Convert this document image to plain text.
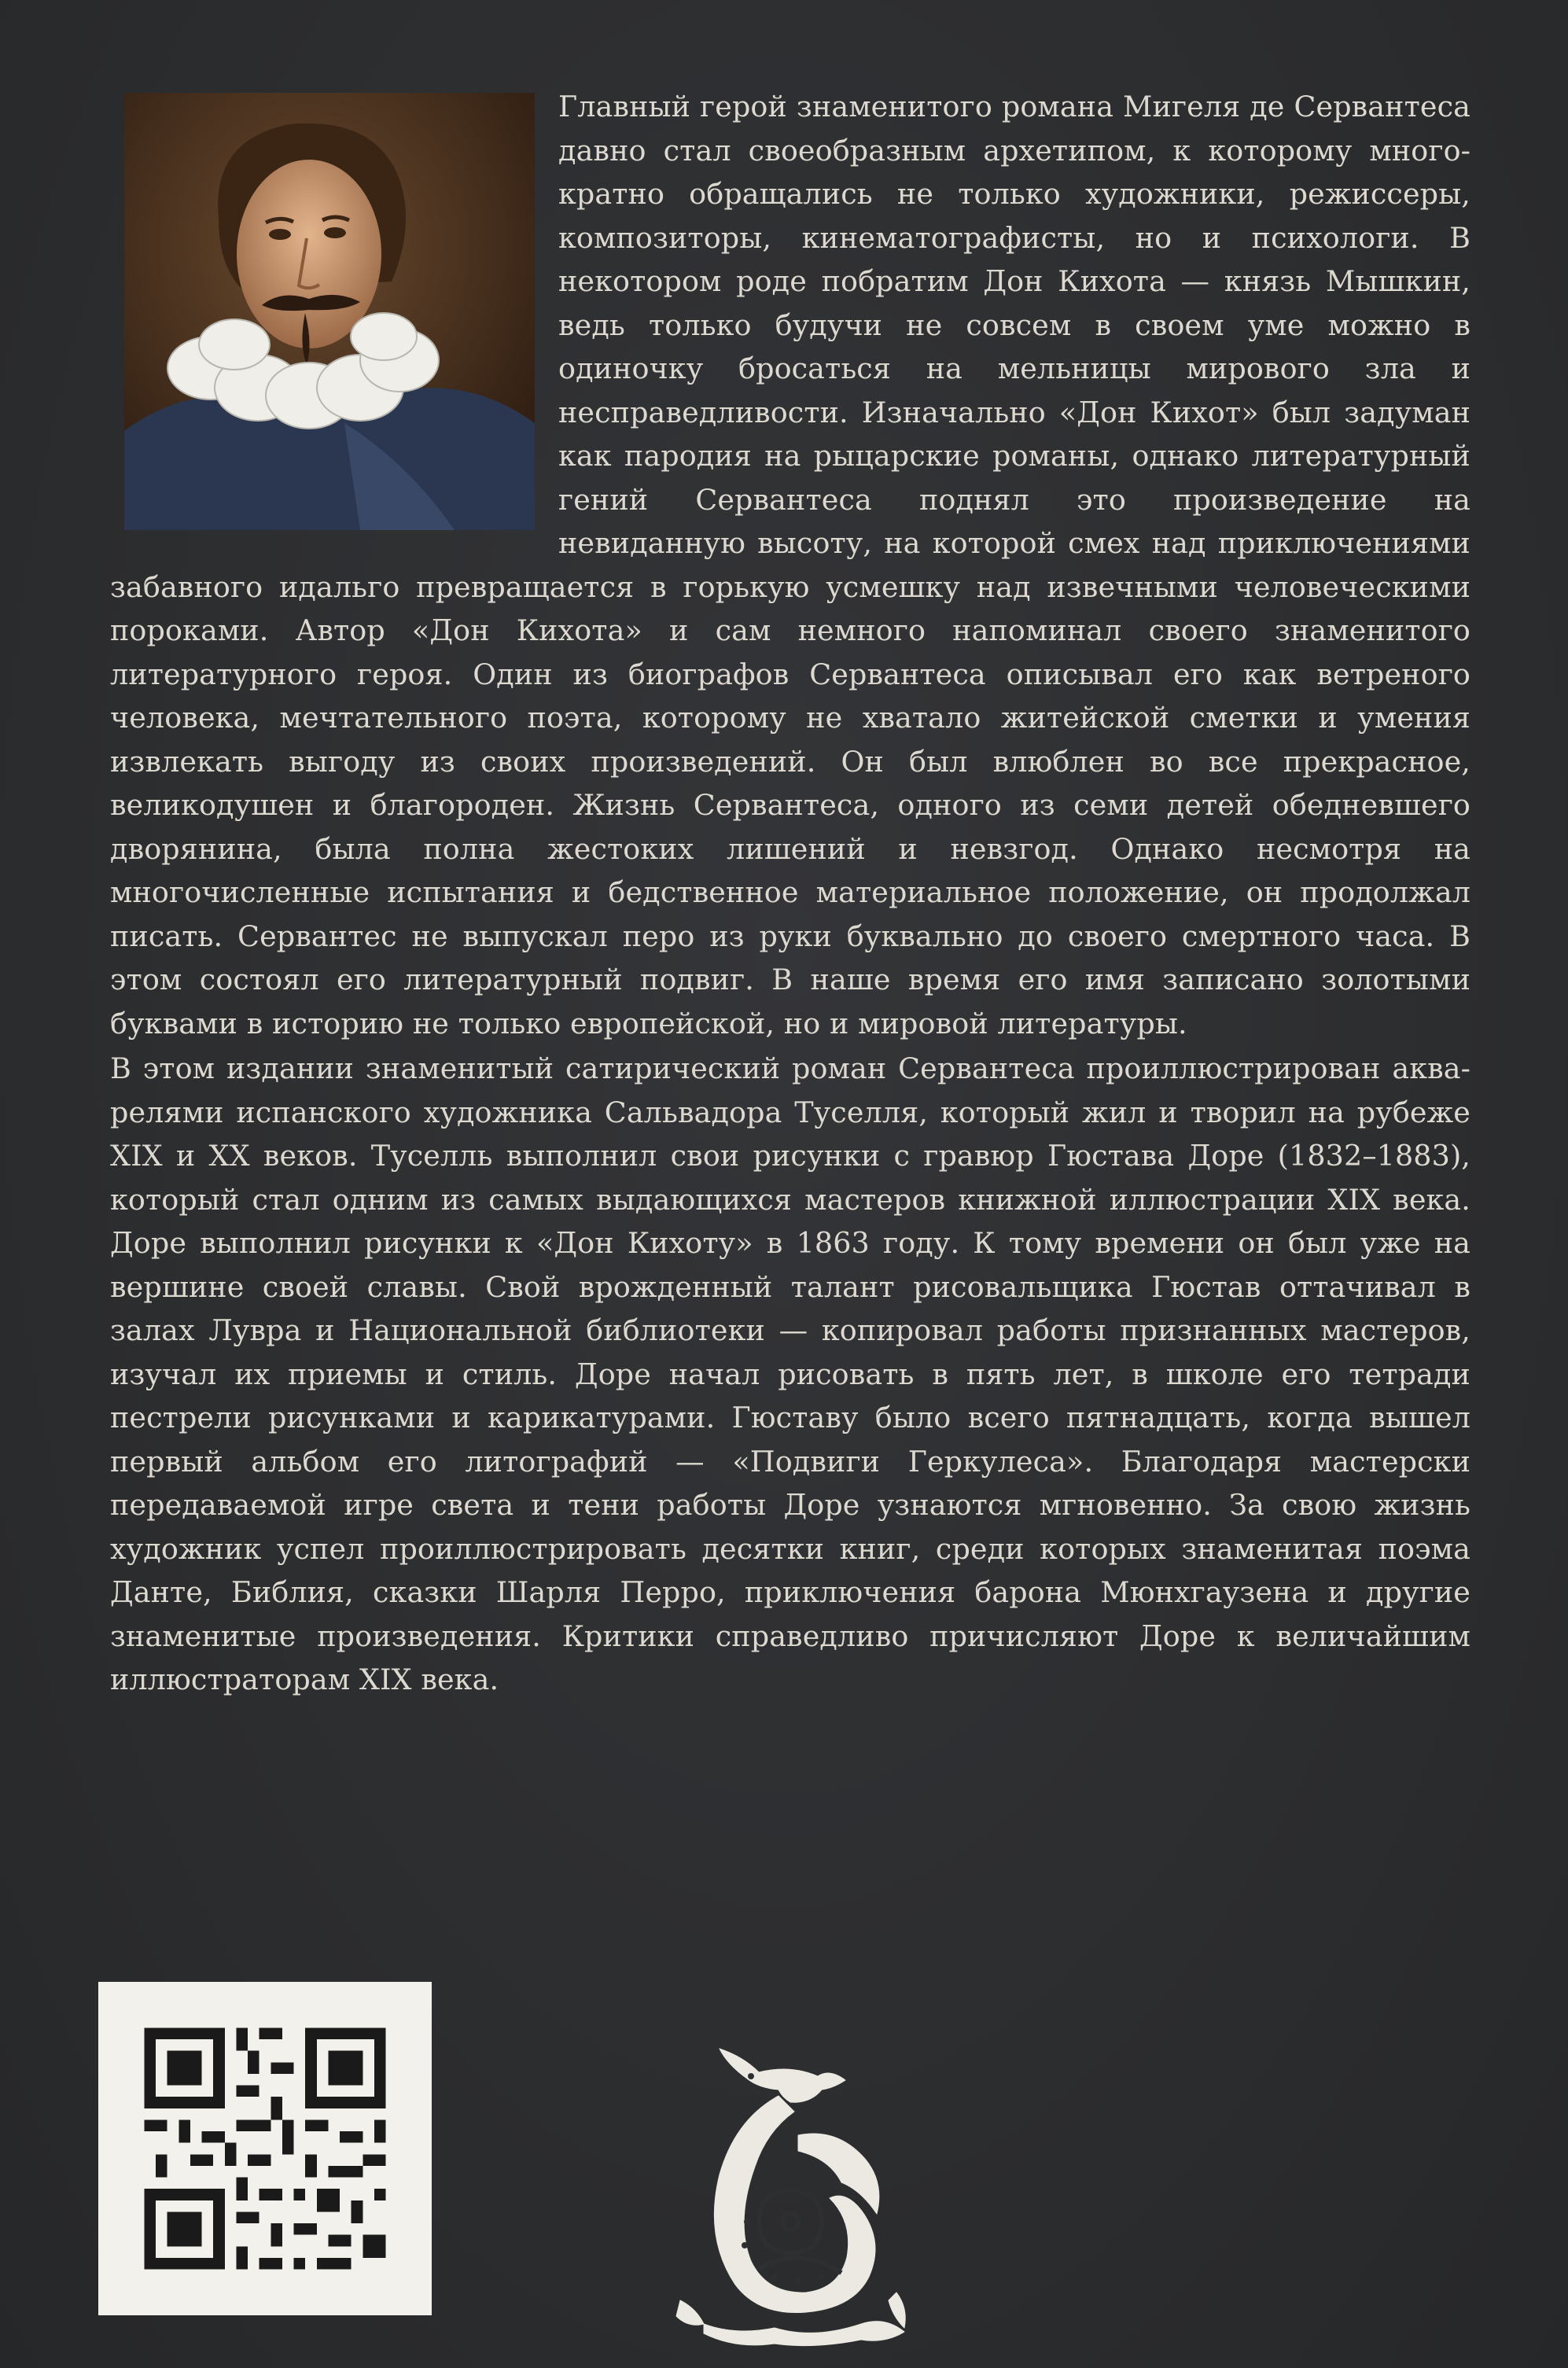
Главный герой знаменитого романа Мигеля де Сервантеса давно стал своеобразным архетипом, к которому многократно обращались не только художники, режиссеры, композиторы, кинематографисты, но и психологи. В некотором роде побратим Дон Кихота — князь Мышкин, ведь только будучи не совсем в своем уме можно в одиночку бросаться на мельницы мирового зла и несправедливости. Изначально «Дон Кихот» был задуман как пародия на рыцарские романы, однако литературный гений Сервантеса поднял это произведение на невиданную высоту, на которой смех над приключениями забавного идальго превращается в горькую усмешку над извечными человеческими пороками. Автор «Дон Кихота» и сам немного напоминал своего знаменитого литературного героя. Один из биографов Сервантеса описывал его как ветреного человека, мечтательного поэта, которому не хватало житейской сметки и умения извлекать выгоду из своих произведений. Он был влюблен во все прекрасное, великодушен и благороден. Жизнь Сервантеса, одного из семи детей обедневшего дворянина, была полна жестоких лишений и невзгод. Однако несмотря на многочисленные испытания и бедственное материальное положение, он продолжал писать. Сервантес не выпускал перо из руки буквально до своего смертного часа. В этом состоял его литературный подвиг. В наше время его имя записано золотыми буквами в историю не только европейской, но и мировой литературы.

В этом издании знаменитый сатирический роман Сервантеса проиллюстрирован акварелями испанского художника Сальвадора Туселля, который жил и творил на рубеже XIX и XX веков. Туселль выполнил свои рисунки с гравюр Гюстава Доре (1832–1883), который стал одним из самых выдающихся мастеров книжной иллюстрации XIX века. Доре выполнил рисунки к «Дон Кихоту» в 1863 году. К тому времени он был уже на вершине своей славы. Свой врожденный талант рисовальщика Гюстав оттачивал в залах Лувра и Национальной библиотеки — копировал работы признанных мастеров, изучал их приемы и стиль. Доре начал рисовать в пять лет, в школе его тетради пестрели рисунками и карикатурами. Гюставу было всего пятнадцать, когда вышел первый альбом его литографий — «Подвиги Геркулеса». Благодаря мастерски передаваемой игре света и тени работы Доре узнаются мгновенно. За свою жизнь художник успел проиллюстрировать десятки книг, среди которых знаменитая поэма Данте, Библия, сказки Шарля Перро, приключения барона Мюнхгаузена и другие знаменитые произведения. Критики справедливо причисляют Доре к величайшим иллюстраторам XIX века.
